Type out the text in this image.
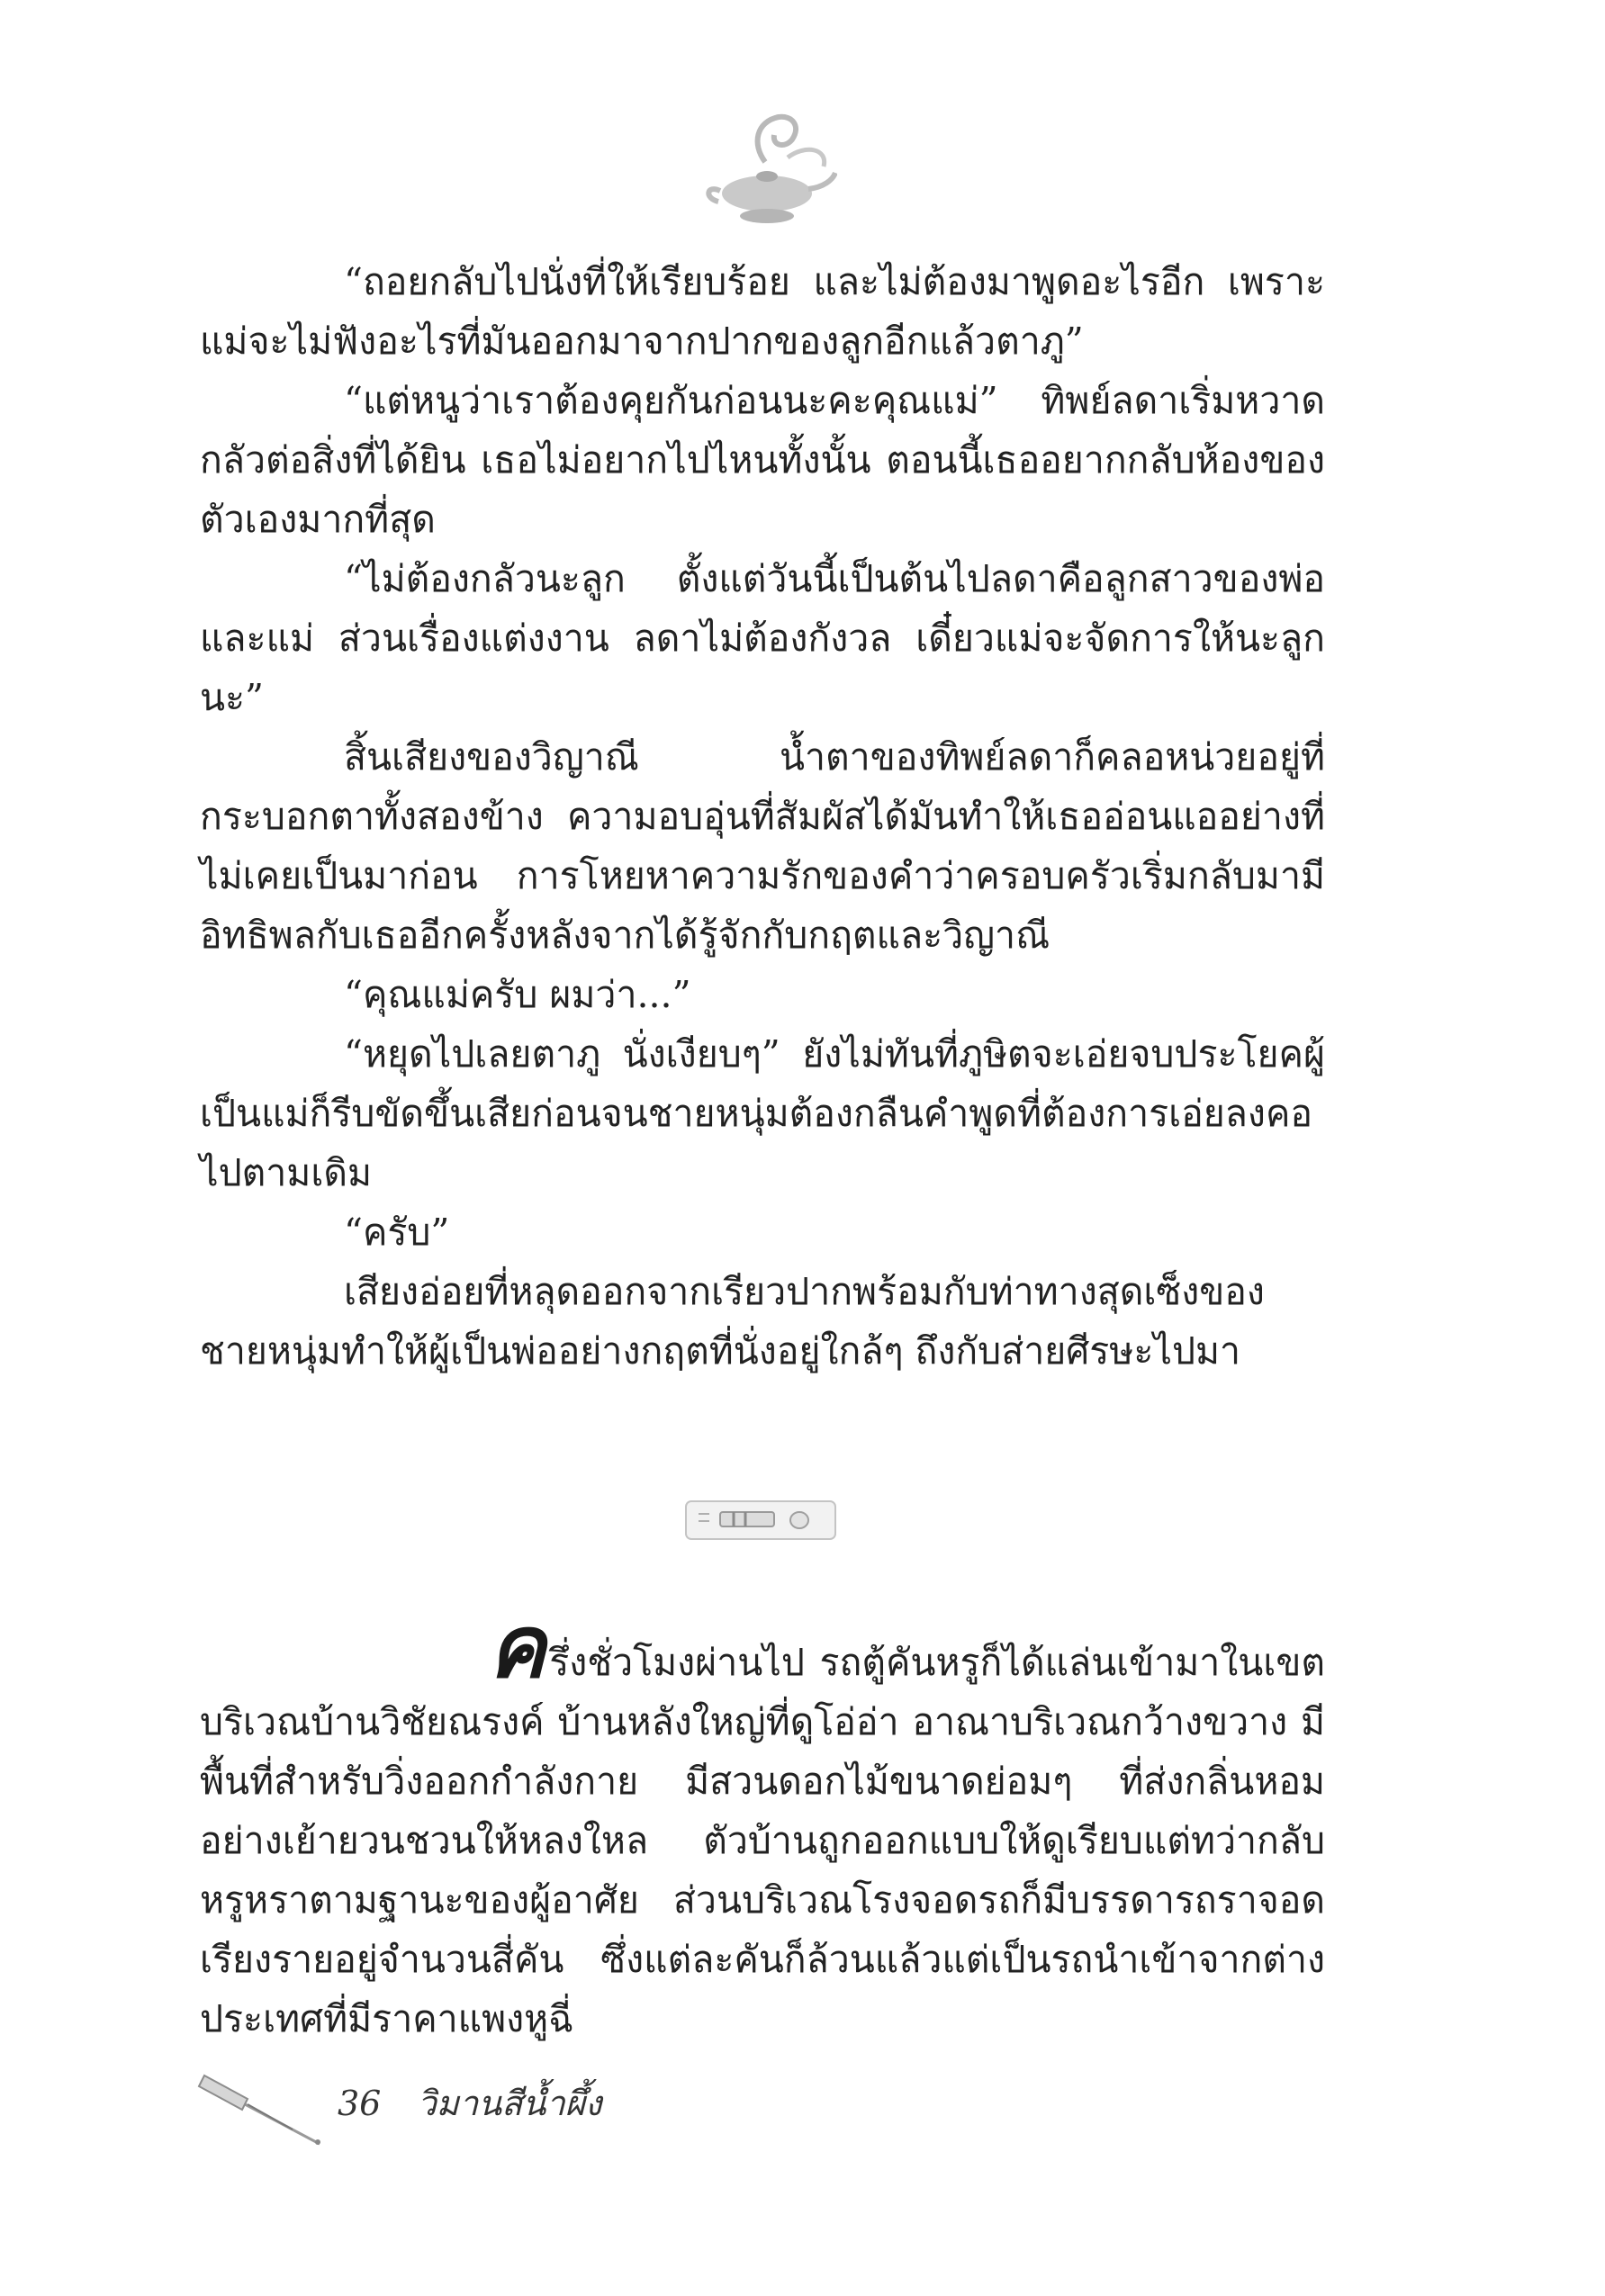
“ถอยกลับไปนั่งที่ให้เรียบร้อย และไม่ต้องมาพูดอะไรอีก เพราะแม่จะไม่ฟังอะไรที่มันออกมาจากปากของลูกอีกแล้วตาภู”

“แต่หนูว่าเราต้องคุยกันก่อนนะคะคุณแม่” ทิพย์ลดาเริ่มหวาดกลัวต่อสิ่งที่ได้ยิน เธอไม่อยากไปไหนทั้งนั้น ตอนนี้เธออยากกลับห้องของตัวเองมากที่สุด

“ไม่ต้องกลัวนะลูก ตั้งแต่วันนี้เป็นต้นไปลดาคือลูกสาวของพ่อและแม่ ส่วนเรื่องแต่งงาน ลดาไม่ต้องกังวล เดี๋ยวแม่จะจัดการให้นะลูกนะ”

สิ้นเสียงของวิญาณี น้ำตาของทิพย์ลดาก็คลอหน่วยอยู่ที่กระบอกตาทั้งสองข้าง ความอบอุ่นที่สัมผัสได้มันทำให้เธออ่อนแออย่างที่ไม่เคยเป็นมาก่อน การโหยหาความรักของคำว่าครอบครัวเริ่มกลับมามีอิทธิพลกับเธออีกครั้งหลังจากได้รู้จักกับกฤตและวิญาณี

“คุณแม่ครับ ผมว่า...”

“หยุดไปเลยตาภู นั่งเงียบๆ” ยังไม่ทันที่ภูษิตจะเอ่ยจบประโยคผู้เป็นแม่ก็รีบขัดขึ้นเสียก่อนจนชายหนุ่มต้องกลืนคำพูดที่ต้องการเอ่ยลงคอไปตามเดิม

“ครับ”

เสียงอ่อยที่หลุดออกจากเรียวปากพร้อมกับท่าทางสุดเซ็งของชายหนุ่มทำให้ผู้เป็นพ่ออย่างกฤตที่นั่งอยู่ใกล้ๆ ถึงกับส่ายศีรษะไปมา

ครึ่งชั่วโมงผ่านไป รถตู้คันหรูก็ได้แล่นเข้ามาในเขตบริเวณบ้านวิชัยณรงค์ บ้านหลังใหญ่ที่ดูโอ่อ่า อาณาบริเวณกว้างขวาง มีพื้นที่สำหรับวิ่งออกกำลังกาย มีสวนดอกไม้ขนาดย่อมๆ ที่ส่งกลิ่นหอมอย่างเย้ายวนชวนให้หลงใหล ตัวบ้านถูกออกแบบให้ดูเรียบแต่ทว่ากลับหรูหราตามฐานะของผู้อาศัย ส่วนบริเวณโรงจอดรถก็มีบรรดารถราจอดเรียงรายอยู่จำนวนสี่คัน ซึ่งแต่ละคันก็ล้วนแล้วแต่เป็นรถนำเข้าจากต่างประเทศที่มีราคาแพงหูฉี่

36 วิมานสีน้ำผึ้ง
